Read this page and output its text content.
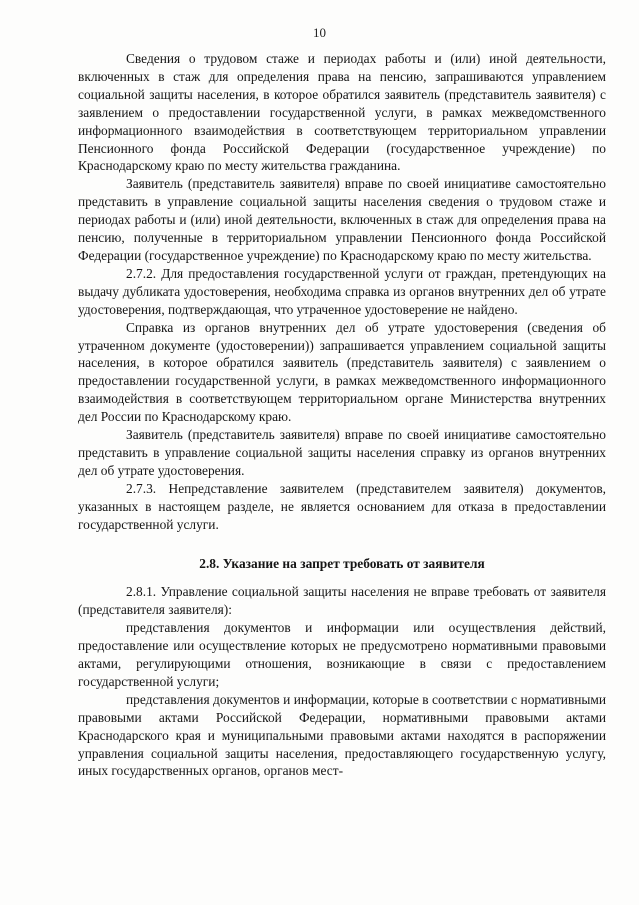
10

Сведения о трудовом стаже и периодах работы и (или) иной деятельности, включенных в стаж для определения права на пенсию, запрашиваются управлением социальной защиты населения, в которое обратился заявитель (представитель заявителя) с заявлением о предоставлении государственной услуги, в рамках межведомственного информационного взаимодействия в соответствующем территориальном управлении Пенсионного фонда Российской Федерации (государственное учреждение) по Краснодарскому краю по месту жительства гражданина.

Заявитель (представитель заявителя) вправе по своей инициативе самостоятельно представить в управление социальной защиты населения сведения о трудовом стаже и периодах работы и (или) иной деятельности, включенных в стаж для определения права на пенсию, полученные в территориальном управлении Пенсионного фонда Российской Федерации (государственное учреждение) по Краснодарскому краю по месту жительства.

2.7.2. Для предоставления государственной услуги от граждан, претендующих на выдачу дубликата удостоверения, необходима справка из органов внутренних дел об утрате удостоверения, подтверждающая, что утраченное удостоверение не найдено.

Справка из органов внутренних дел об утрате удостоверения (сведения об утраченном документе (удостоверении)) запрашивается управлением социальной защиты населения, в которое обратился заявитель (представитель заявителя) с заявлением о предоставлении государственной услуги, в рамках межведомственного информационного взаимодействия в соответствующем территориальном органе Министерства внутренних дел России по Краснодарскому краю.

Заявитель (представитель заявителя) вправе по своей инициативе самостоятельно представить в управление социальной защиты населения справку из органов внутренних дел об утрате удостоверения.

2.7.3. Непредставление заявителем (представителем заявителя) документов, указанных в настоящем разделе, не является основанием для отказа в предоставлении государственной услуги.

2.8. Указание на запрет требовать от заявителя

2.8.1. Управление социальной защиты населения не вправе требовать от заявителя (представителя заявителя):

представления документов и информации или осуществления действий, предоставление или осуществление которых не предусмотрено нормативными правовыми актами, регулирующими отношения, возникающие в связи с предоставлением государственной услуги;

представления документов и информации, которые в соответствии с нормативными правовыми актами Российской Федерации, нормативными правовыми актами Краснодарского края и муниципальными правовыми актами находятся в распоряжении управления социальной защиты населения, предоставляющего государственную услугу, иных государственных органов, органов мест-
